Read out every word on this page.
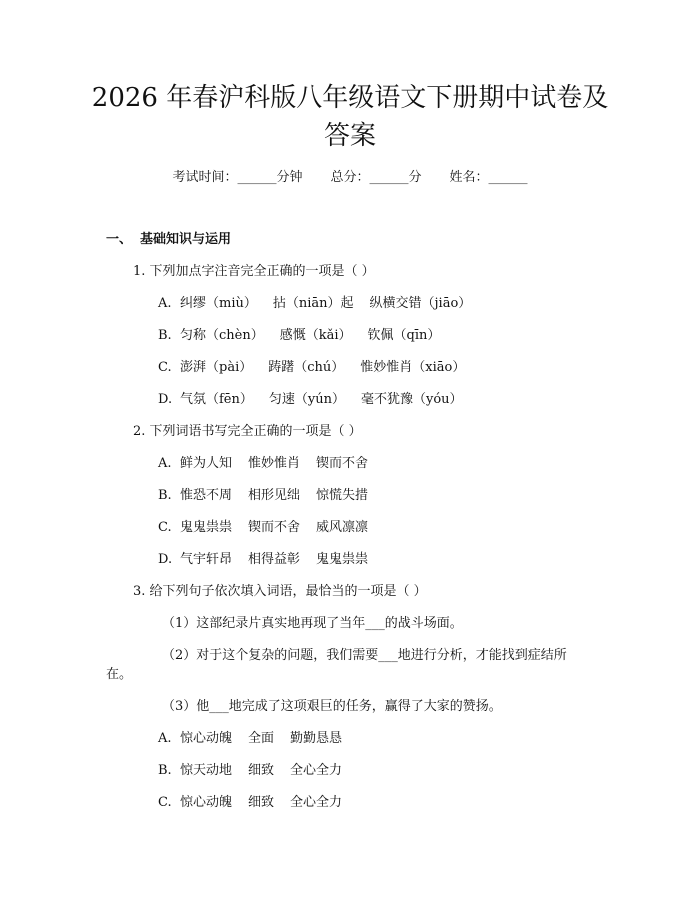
2026 年春沪科版八年级语文下册期中试卷及
答案
考试时间：______分钟 总分：______分 姓名：______
一、 基础知识与运用
1. 下列加点字注音完全正确的一项是（ ）
A. 纠缪（miù） 拈（niān）起 纵横交错（jiāo）
B. 匀称（chèn） 感慨（kǎi） 钦佩（qīn）
C. 澎湃（pài） 踌躇（chú） 惟妙惟肖（xiāo）
D. 气氛（fēn） 匀速（yún） 毫不犹豫（yóu）
2. 下列词语书写完全正确的一项是（ ）
A. 鲜为人知 惟妙惟肖 锲而不舍
B. 惟恐不周 相形见绌 惊慌失措
C. 鬼鬼祟祟 锲而不舍 威风凛凛
D. 气宇轩昂 相得益彰 鬼鬼祟祟
3. 给下列句子依次填入词语，最恰当的一项是（ ）
（1）这部纪录片真实地再现了当年___的战斗场面。
（2）对于这个复杂的问题，我们需要___地进行分析，才能找到症结所
在。
（3）他___地完成了这项艰巨的任务，赢得了大家的赞扬。
A. 惊心动魄 全面 勤勤恳恳
B. 惊天动地 细致 全心全力
C. 惊心动魄 细致 全心全力
